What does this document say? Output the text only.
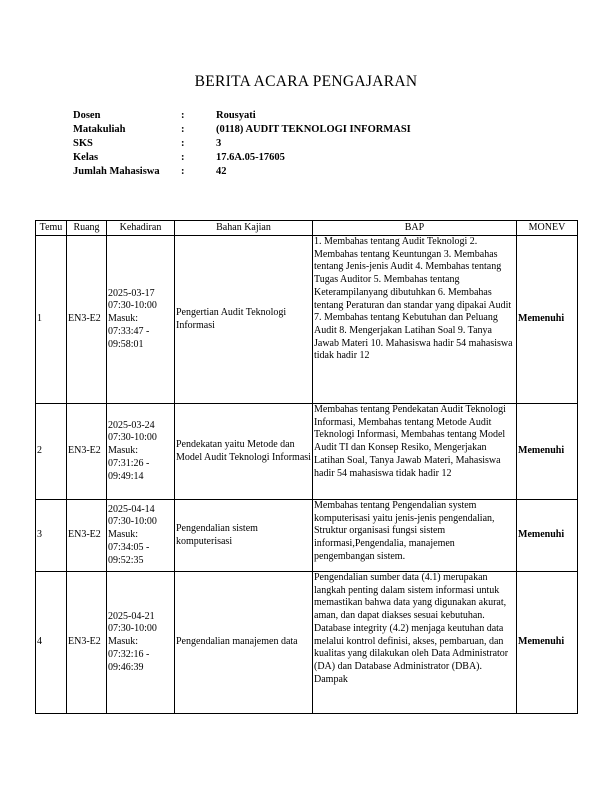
BERITA ACARA PENGAJARAN
Dosen	:	Rousyati
Matakuliah	:	(0118) AUDIT TEKNOLOGI INFORMASI
SKS	:	3
Kelas	:	17.6A.05-17605
Jumlah Mahasiswa :	42
Temu	Ruang	Kehadiran	Bahan Kajian	BAP	MONEV
1	EN3-E2	2025-03-17 07:30-10:00 Masuk: 07:33:47 - 09:58:01	Pengertian Audit Teknologi Informasi	1. Membahas tentang Audit Teknologi 2. Membahas tentang Keuntungan 3. Membahas tentang Jenis-jenis Audit 4. Membahas tentang Tugas Auditor 5. Membahas tentang Keterampilanyang dibutuhkan 6. Membahas tentang Peraturan dan standar yang dipakai Audit 7. Membahas tentang Kebutuhan dan Peluang Audit 8. Mengerjakan Latihan Soal 9. Tanya Jawab Materi 10. Mahasiswa hadir 54 mahasiswa tidak hadir 12	Memenuhi
2	EN3-E2	2025-03-24 07:30-10:00 Masuk: 07:31:26 - 09:49:14	Pendekatan yaitu Metode dan Model Audit Teknologi Informasi	Membahas tentang Pendekatan Audit Teknologi Informasi, Membahas tentang Metode Audit Teknologi Informasi, Membahas tentang Model Audit TI dan Konsep Resiko, Mengerjakan Latihan Soal, Tanya Jawab Materi, Mahasiswa hadir 54 mahasiswa tidak hadir 12	Memenuhi
3	EN3-E2	2025-04-14 07:30-10:00 Masuk: 07:34:05 - 09:52:35	Pengendalian sistem komputerisasi	Membahas tentang Pengendalian system komputerisasi yaitu jenis-jenis pengendalian, Struktur organisasi fungsi sistem informasi,Pengendalia, manajemen pengembangan sistem.	Memenuhi
4	EN3-E2	2025-04-21 07:30-10:00 Masuk: 07:32:16 - 09:46:39	Pengendalian manajemen data	Pengendalian sumber data (4.1) merupakan langkah penting dalam sistem informasi untuk memastikan bahwa data yang digunakan akurat, aman, dan dapat diakses sesuai kebutuhan. Database integrity (4.2) menjaga keutuhan data melalui kontrol definisi, akses, pembaruan, dan kualitas yang dilakukan oleh Data Administrator (DA) dan Database Administrator (DBA). Dampak	Memenuhi
